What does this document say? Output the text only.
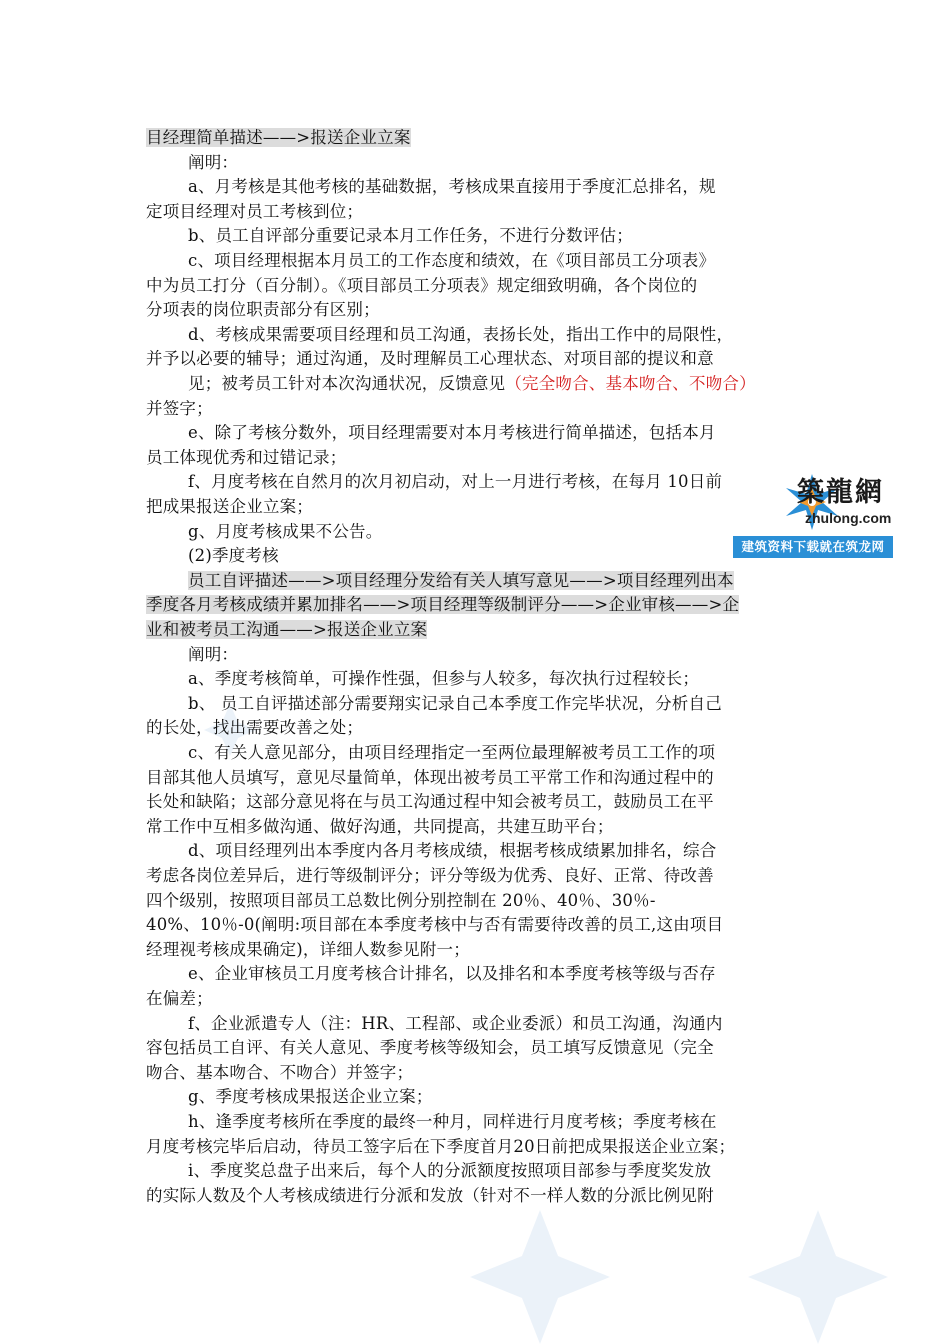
目经理简单描述——>报送企业立案
阐明：
a、月考核是其他考核的基础数据，考核成果直接用于季度汇总排名，规
定项目经理对员工考核到位；
b、员工自评部分重要记录本月工作任务，不进行分数评估；
c、项目经理根据本月员工的工作态度和绩效，在《项目部员工分项表》
中为员工打分（百分制）。《项目部员工分项表》规定细致明确，各个岗位的
分项表的岗位职责部分有区别；
d、考核成果需要项目经理和员工沟通，表扬长处，指出工作中的局限性，
并予以必要的辅导；通过沟通，及时理解员工心理状态、对项目部的提议和意
见；被考员工针对本次沟通状况，反馈意见（完全吻合、基本吻合、不吻合）
并签字；
e、除了考核分数外，项目经理需要对本月考核进行简单描述，包括本月
员工体现优秀和过错记录；
f、月度考核在自然月的次月初启动，对上一月进行考核，在每月 10日前
把成果报送企业立案；
g、月度考核成果不公告。
(2)季度考核
员工自评描述——>项目经理分发给有关人填写意见——>项目经理列出本
季度各月考核成绩并累加排名——>项目经理等级制评分——>企业审核——>企
业和被考员工沟通——>报送企业立案
阐明：
a、季度考核简单，可操作性强，但参与人较多，每次执行过程较长；
b、 员工自评描述部分需要翔实记录自己本季度工作完毕状况，分析自己
的长处，找出需要改善之处；
c、有关人意见部分，由项目经理指定一至两位最理解被考员工工作的项
目部其他人员填写，意见尽量简单，体现出被考员工平常工作和沟通过程中的
长处和缺陷；这部分意见将在与员工沟通过程中知会被考员工，鼓励员工在平
常工作中互相多做沟通、做好沟通，共同提高，共建互助平台；
d、项目经理列出本季度内各月考核成绩，根据考核成绩累加排名，综合
考虑各岗位差异后，进行等级制评分；评分等级为优秀、良好、正常、待改善
四个级别，按照项目部员工总数比例分别控制在 20％、40％、30％-
40%、10％-0(阐明:项目部在本季度考核中与否有需要待改善的员工,这由项目
经理视考核成果确定)，详细人数参见附一；
e、企业审核员工月度考核合计排名，以及排名和本季度考核等级与否存
在偏差；
f、企业派遣专人（注：HR、工程部、或企业委派）和员工沟通，沟通内
容包括员工自评、有关人意见、季度考核等级知会，员工填写反馈意见（完全
吻合、基本吻合、不吻合）并签字；
g、季度考核成果报送企业立案；
h、逢季度考核所在季度的最终一种月，同样进行月度考核；季度考核在
月度考核完毕后启动，待员工签字后在下季度首月20日前把成果报送企业立案；
i、季度奖总盘子出来后，每个人的分派额度按照项目部参与季度奖发放
的实际人数及个人考核成绩进行分派和发放（针对不一样人数的分派比例见附
築龍網
zhulong.com
建筑资料下载就在筑龙网
